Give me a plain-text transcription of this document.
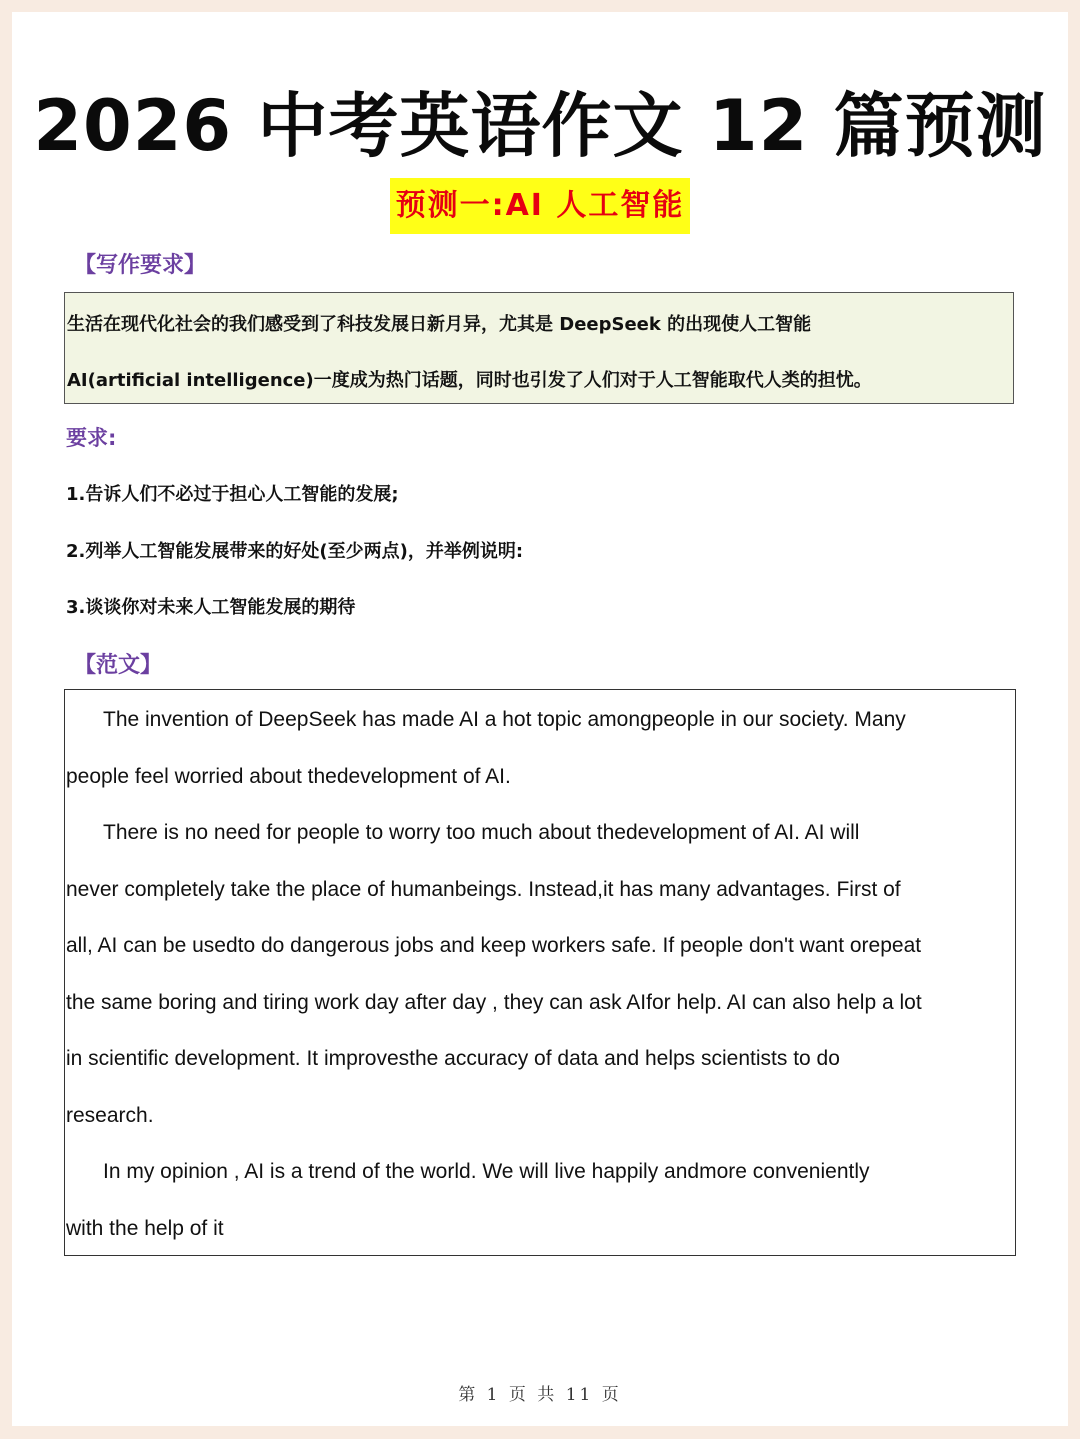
2026 中考英语作文 12 篇预测
预测一:AI 人工智能
【写作要求】
生活在现代化社会的我们感受到了科技发展日新月异，尤其是 DeepSeek 的出现使人工智能
AI(artificial intelligence)一度成为热门话题，同时也引发了人们对于人工智能取代人类的担忧。
要求:
1.告诉人们不必过于担心人工智能的发展;
2.列举人工智能发展带来的好处(至少两点)，并举例说明:
3.谈谈你对未来人工智能发展的期待
【范文】
The invention of DeepSeek has made AI a hot topic amongpeople in our society. Many
people feel worried about thedevelopment of AI.
There is no need for people to worry too much about thedevelopment of AI. AI will
never completely take the place of humanbeings. Instead,it has many advantages. First of
all, AI can be usedto do dangerous jobs and keep workers safe. If people don't want orepeat
the same boring and tiring work day after day , they can ask AIfor help. AI can also help a lot
in scientific development. It improvesthe accuracy of data and helps scientists to do
research.
In my opinion , AI is a trend of the world. We will live happily andmore conveniently
with the help of it
第 1 页 共 11 页
